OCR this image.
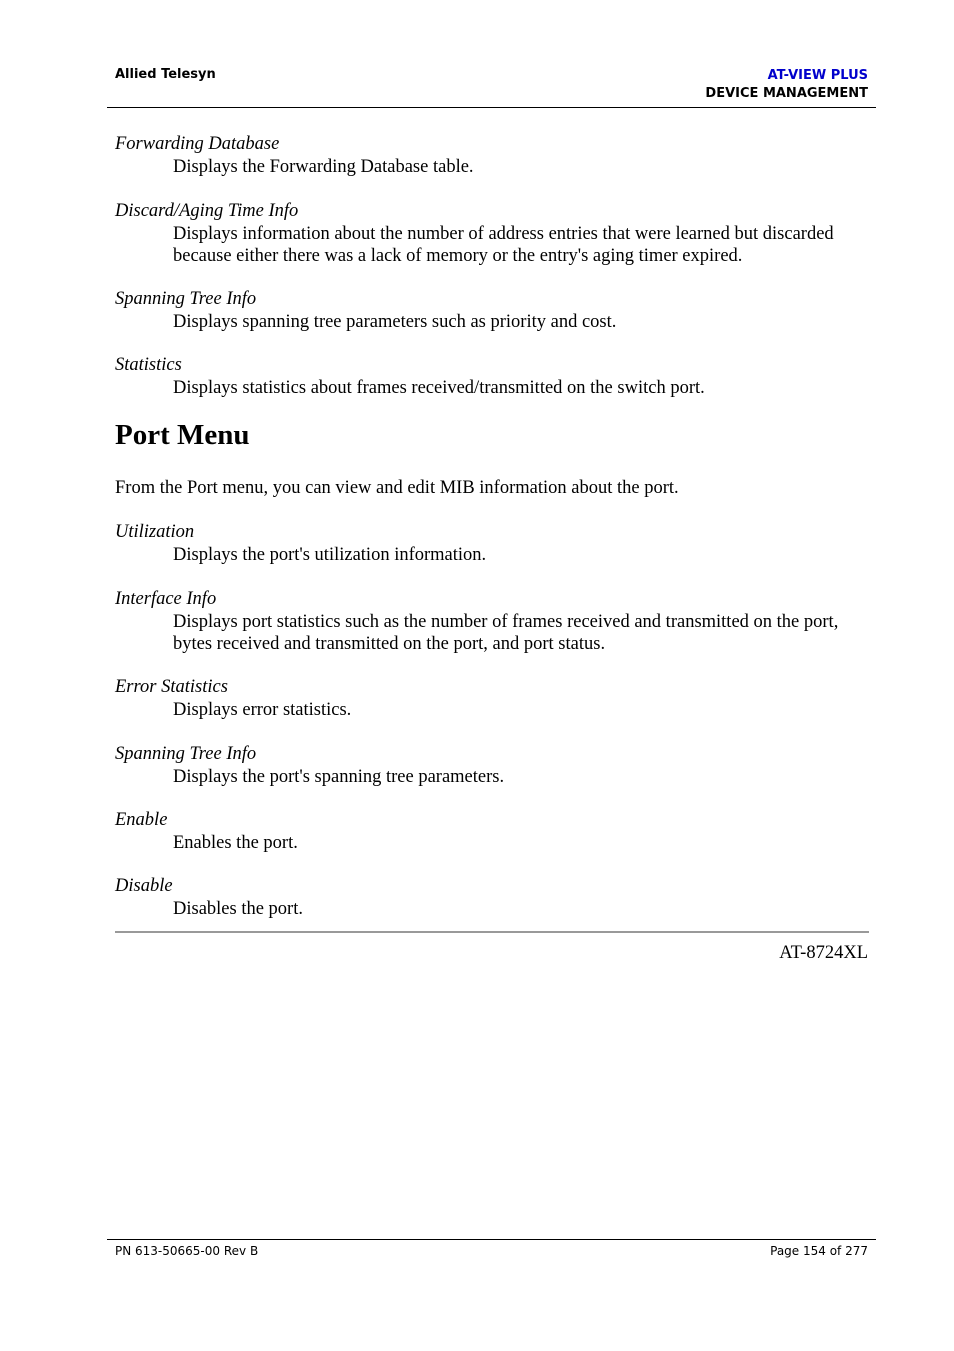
Allied Telesyn	AT-VIEW PLUS
DEVICE MANAGEMENT
Forwarding Database
Displays the Forwarding Database table.
Discard/Aging Time Info
Displays information about the number of address entries that were learned but discarded
because either there was a lack of memory or the entry's aging timer expired.
Spanning Tree Info
Displays spanning tree parameters such as priority and cost.
Statistics
Displays statistics about frames received/transmitted on the switch port.
Port Menu
From the Port menu, you can view and edit MIB information about the port.
Utilization
Displays the port's utilization information.
Interface Info
Displays port statistics such as the number of frames received and transmitted on the port,
bytes received and transmitted on the port, and port status.
Error Statistics
Displays error statistics.
Spanning Tree Info
Displays the port's spanning tree parameters.
Enable
Enables the port.
Disable
Disables the port.
AT-8724XL
PN 613-50665-00 Rev B	Page 154 of 277
